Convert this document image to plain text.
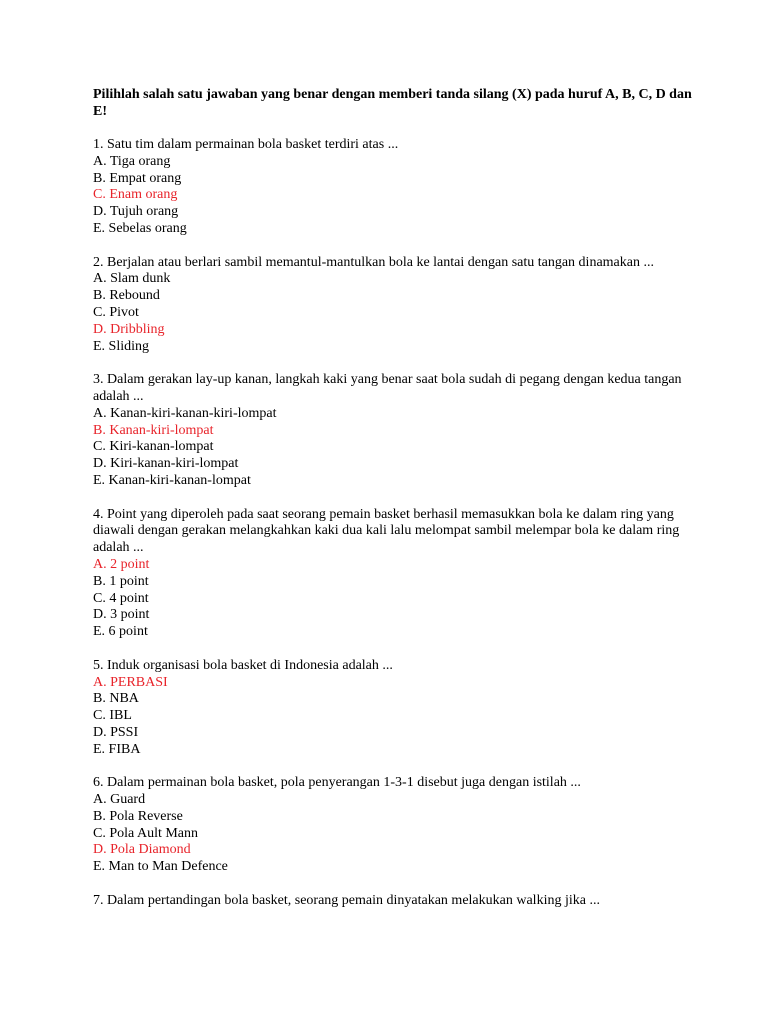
Pilihlah salah satu jawaban yang benar dengan memberi tanda silang (X) pada huruf A, B, C, D dan E!

1. Satu tim dalam permainan bola basket terdiri atas ...
A. Tiga orang
B. Empat orang
C. Enam orang
D. Tujuh orang
E. Sebelas orang
2. Berjalan atau berlari sambil memantul-mantulkan bola ke lantai dengan satu tangan dinamakan ...
A. Slam dunk
B. Rebound
C. Pivot
D. Dribbling
E. Sliding
3. Dalam gerakan lay-up kanan, langkah kaki yang benar saat bola sudah di pegang dengan kedua tangan adalah ...
A. Kanan-kiri-kanan-kiri-lompat
B. Kanan-kiri-lompat
C. Kiri-kanan-lompat
D. Kiri-kanan-kiri-lompat
E. Kanan-kiri-kanan-lompat
4. Point yang diperoleh pada saat seorang pemain basket berhasil memasukkan bola ke dalam ring yang diawali dengan gerakan melangkahkan kaki dua kali lalu melompat sambil melempar bola ke dalam ring adalah ...
A. 2 point
B. 1 point
C. 4 point
D. 3 point
E. 6 point
5. Induk organisasi bola basket di Indonesia adalah ...
A. PERBASI
B. NBA
C. IBL
D. PSSI
E. FIBA
6. Dalam permainan bola basket, pola penyerangan 1-3-1 disebut juga dengan istilah ...
A. Guard
B. Pola Reverse
C. Pola Ault Mann
D. Pola Diamond
E. Man to Man Defence
7. Dalam pertandingan bola basket, seorang pemain dinyatakan melakukan walking jika ...
